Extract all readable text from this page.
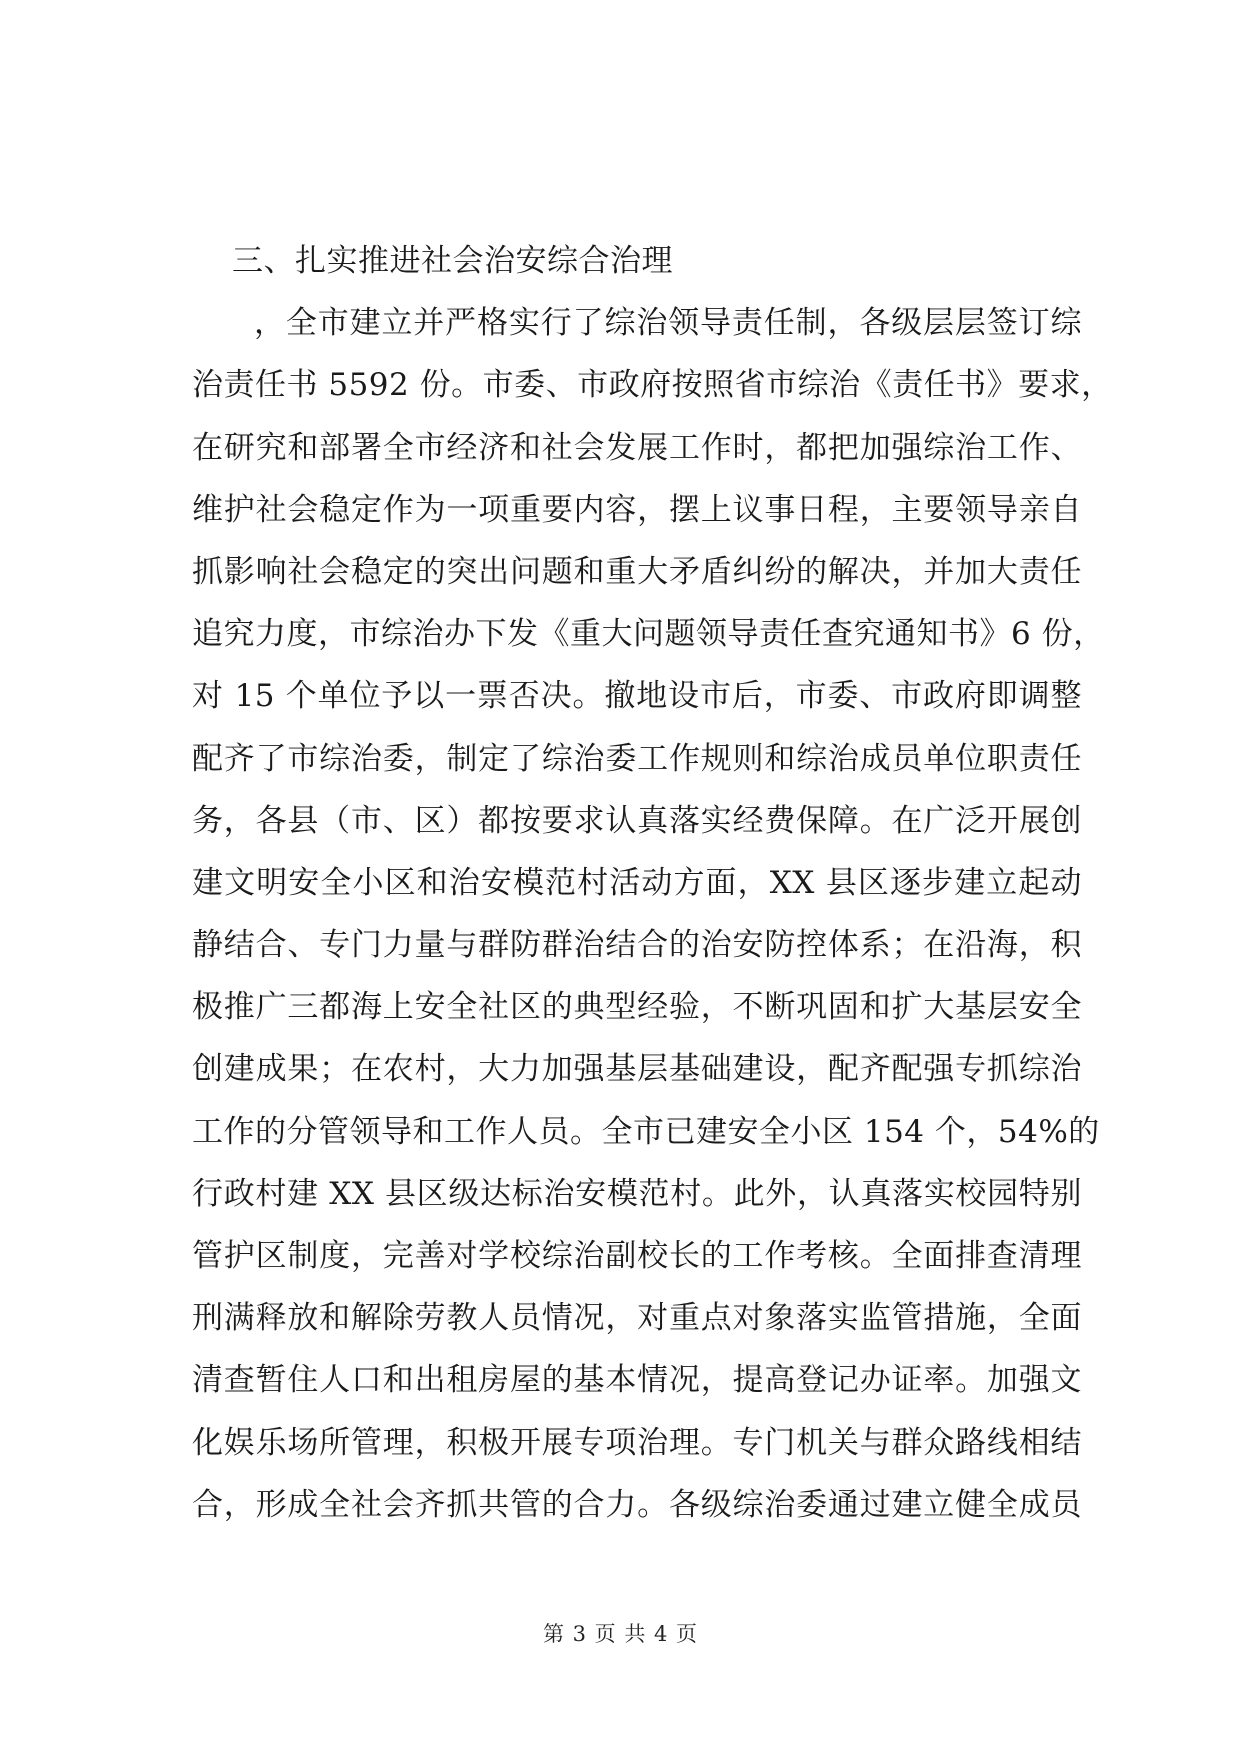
三、扎实推进社会治安综合治理
，全市建立并严格实行了综治领导责任制，各级层层签订综
治责任书 5592 份。市委、市政府按照省市综治《责任书》要求，
在研究和部署全市经济和社会发展工作时，都把加强综治工作、
维护社会稳定作为一项重要内容，摆上议事日程，主要领导亲自
抓影响社会稳定的突出问题和重大矛盾纠纷的解决，并加大责任
追究力度，市综治办下发《重大问题领导责任查究通知书》6 份，
对 15 个单位予以一票否决。撤地设市后，市委、市政府即调整
配齐了市综治委，制定了综治委工作规则和综治成员单位职责任
务，各县（市、区）都按要求认真落实经费保障。在广泛开展创
建文明安全小区和治安模范村活动方面，XX 县区逐步建立起动
静结合、专门力量与群防群治结合的治安防控体系；在沿海，积
极推广三都海上安全社区的典型经验，不断巩固和扩大基层安全
创建成果；在农村，大力加强基层基础建设，配齐配强专抓综治
工作的分管领导和工作人员。全市已建安全小区 154 个，54%的
行政村建 XX 县区级达标治安模范村。此外，认真落实校园特别
管护区制度，完善对学校综治副校长的工作考核。全面排查清理
刑满释放和解除劳教人员情况，对重点对象落实监管措施，全面
清查暂住人口和出租房屋的基本情况，提高登记办证率。加强文
化娱乐场所管理，积极开展专项治理。专门机关与群众路线相结
合，形成全社会齐抓共管的合力。各级综治委通过建立健全成员
第 3 页 共 4 页
